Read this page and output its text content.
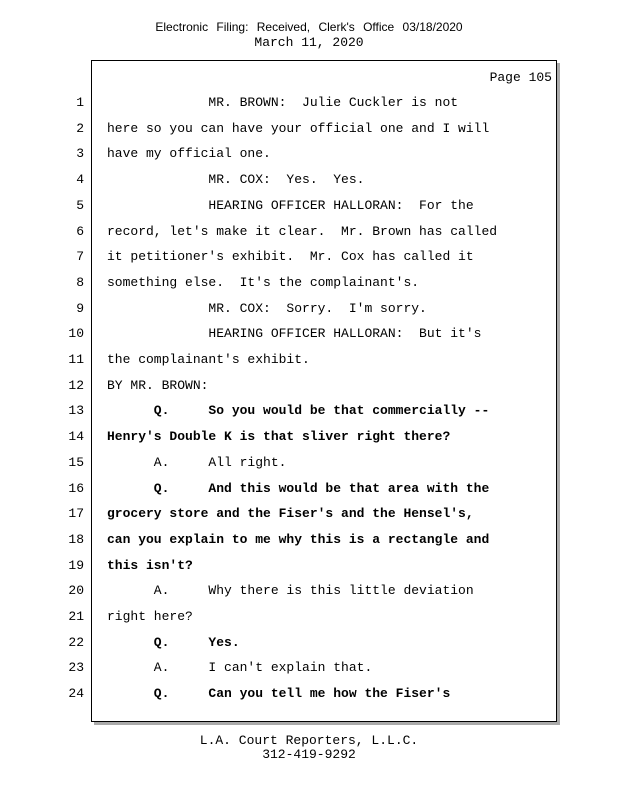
Electronic Filing: Received, Clerk's Office 03/18/2020
March 11, 2020
Page 105
1 MR. BROWN:  Julie Cuckler is not
2 here so you can have your official one and I will
3 have my official one.
4 MR. COX:  Yes.  Yes.
5 HEARING OFFICER HALLORAN:  For the
6 record, let's make it clear.  Mr. Brown has called
7 it petitioner's exhibit.  Mr. Cox has called it
8 something else.  It's the complainant's.
9 MR. COX:  Sorry.  I'm sorry.
10 HEARING OFFICER HALLORAN:  But it's
11 the complainant's exhibit.
12 BY MR. BROWN:
13 Q.     So you would be that commercially --
14 Henry's Double K is that sliver right there?
15 A.     All right.
16 Q.     And this would be that area with the
17 grocery store and the Fiser's and the Hensel's,
18 can you explain to me why this is a rectangle and
19 this isn't?
20 A.     Why there is this little deviation
21 right here?
22 Q.     Yes.
23 A.     I can't explain that.
24 Q.     Can you tell me how the Fiser's
L.A. Court Reporters, L.L.C.
312-419-9292
